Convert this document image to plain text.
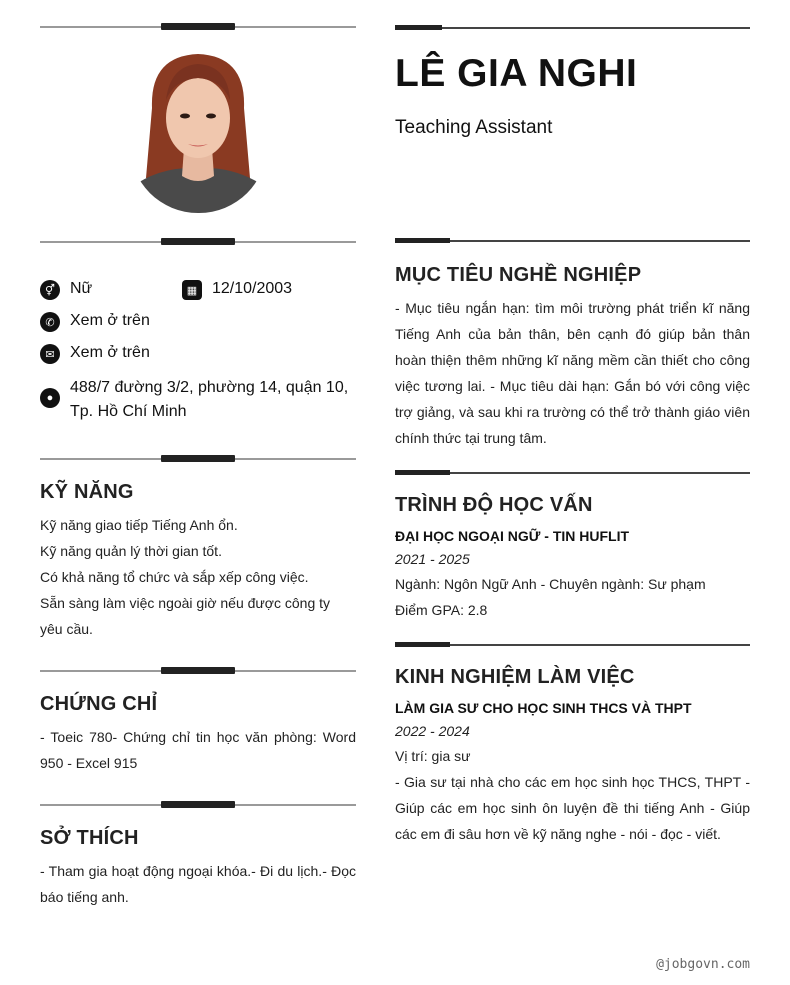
⚥ Nữ	▦ 12/10/2003
✆ Xem ở trên
✉ Xem ở trên
●
488/7 đường 3/2, phường 14, quận 10, Tp. Hồ Chí Minh
KỸ NĂNG
Kỹ năng giao tiếp Tiếng Anh ổn.
Kỹ năng quản lý thời gian tốt.
Có khả năng tổ chức và sắp xếp công việc.
Sẵn sàng làm việc ngoài giờ nếu được công ty yêu cầu.
CHỨNG CHỈ
- Toeic 780- Chứng chỉ tin học văn phòng: Word 950 - Excel 915
SỞ THÍCH
- Tham gia hoạt động ngoại khóa.- Đi du lịch.- Đọc báo tiếng anh.
LÊ GIA NGHI
Teaching Assistant
MỤC TIÊU NGHỀ NGHIỆP
- Mục tiêu ngắn hạn: tìm môi trường phát triển kĩ năng Tiếng Anh của bản thân, bên cạnh đó giúp bản thân hoàn thiện thêm những kĩ năng mềm cần thiết cho công việc tương lai. - Mục tiêu dài hạn: Gắn bó với công việc trợ giảng, và sau khi ra trường có thể trở thành giáo viên chính thức tại trung tâm.
TRÌNH ĐỘ HỌC VẤN
ĐẠI HỌC NGOẠI NGỮ - TIN HUFLIT
2021 - 2025
Ngành: Ngôn Ngữ Anh - Chuyên ngành: Sư phạm
Điểm GPA: 2.8
KINH NGHIỆM LÀM VIỆC
LÀM GIA SƯ CHO HỌC SINH THCS VÀ THPT
2022 - 2024
Vị trí: gia sư
- Gia sư tại nhà cho các em học sinh học THCS, THPT - Giúp các em học sinh ôn luyện đề thi tiếng Anh - Giúp các em đi sâu hơn về kỹ năng nghe - nói - đọc - viết.
@jobgovn.com
